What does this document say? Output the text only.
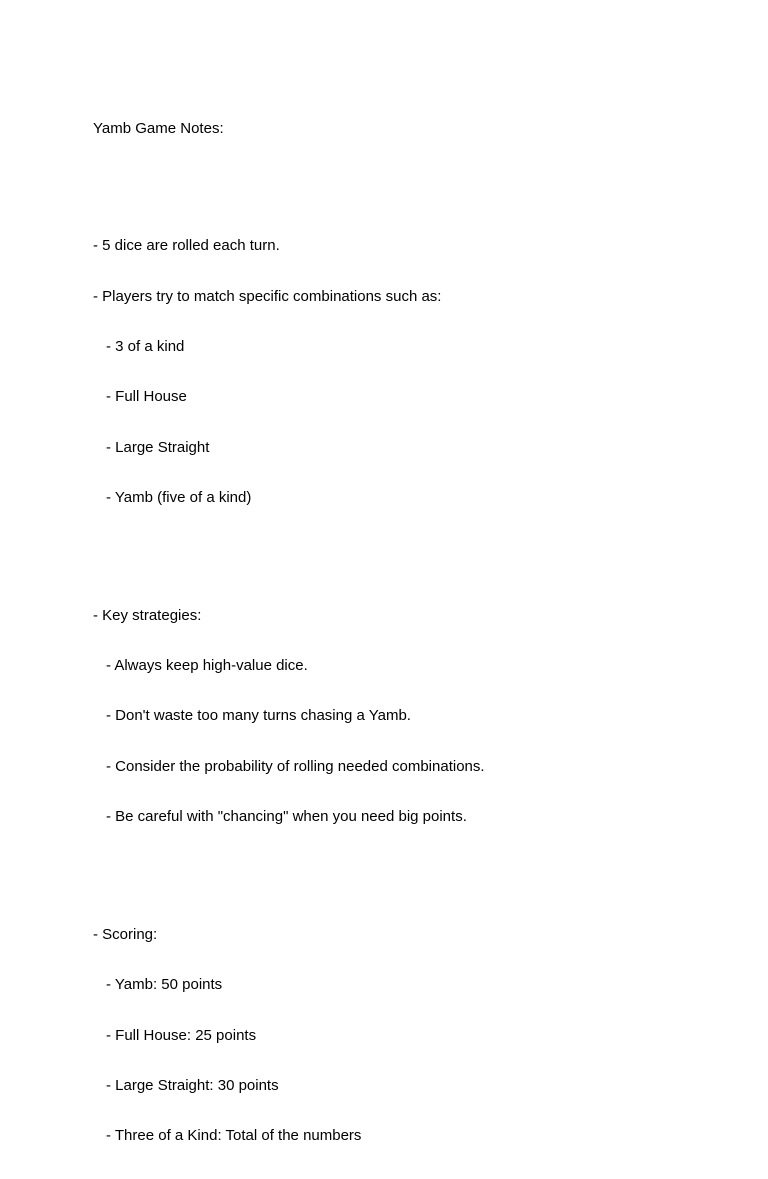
Yamb Game Notes:

- 5 dice are rolled each turn.

- Players try to match specific combinations such as:

- 3 of a kind

- Full House

- Large Straight

- Yamb (five of a kind)

- Key strategies:

- Always keep high-value dice.

- Don't waste too many turns chasing a Yamb.

- Consider the probability of rolling needed combinations.

- Be careful with "chancing" when you need big points.

- Scoring:

- Yamb: 50 points

- Full House: 25 points

- Large Straight: 30 points

- Three of a Kind: Total of the numbers
